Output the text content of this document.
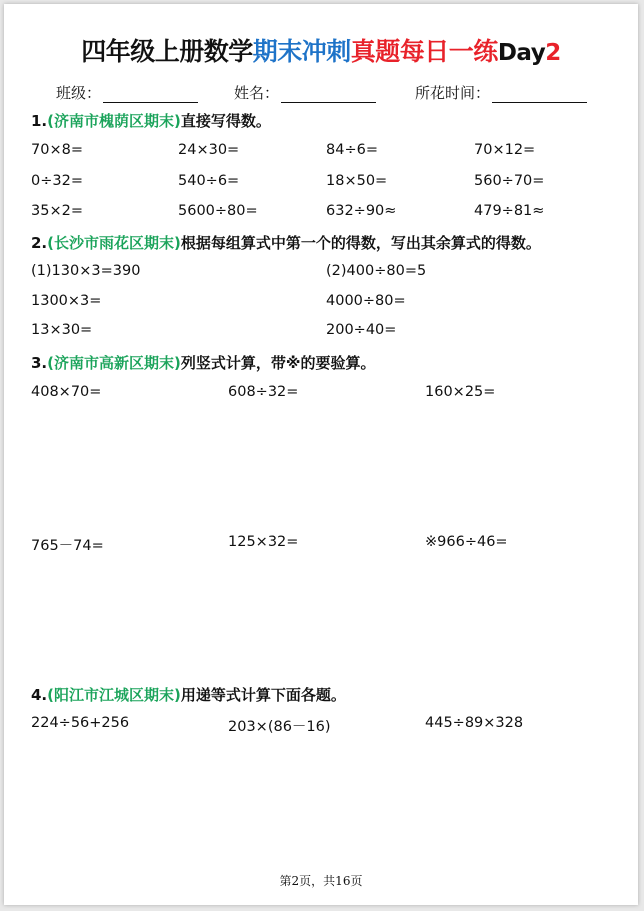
四年级上册数学期末冲刺真题每日一练Day2
班级：	姓名：	所花时间：
1.(济南市槐荫区期末)直接写得数。
70×8=	24×30=	84÷6=	70×12=
0÷32=	540÷6=	18×50=	560÷70=
35×2=	5600÷80=	632÷90≈	479÷81≈
2.(长沙市雨花区期末)根据每组算式中第一个的得数，写出其余算式的得数。
(1)130×3=390	(2)400÷80=5
1300×3=	4000÷80=
13×30=	200÷40=
3.(济南市高新区期末)列竖式计算，带※的要验算。
408×70=	608÷32=	160×25=
765－74=	125×32=	※966÷46=
4.(阳江市江城区期末)用递等式计算下面各题。
224÷56+256	203×(86－16)	445÷89×328
第2页，共16页
